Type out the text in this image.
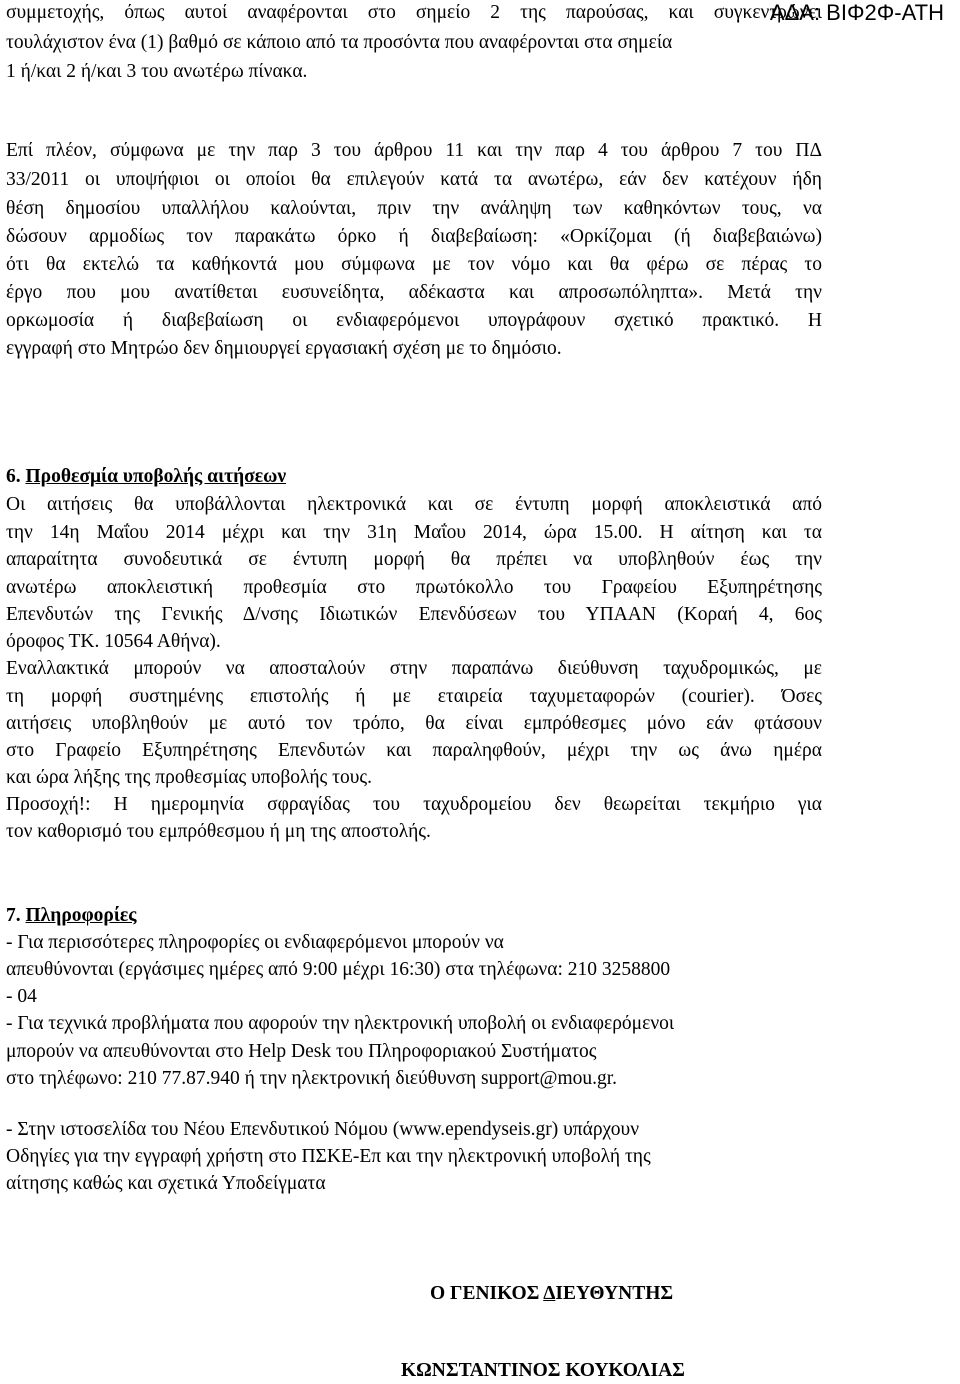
συμμετοχής, όπως αυτοί αναφέρονται στο σημείο 2 της παρούσας, και συγκεντρώνει
τουλάχιστον ένα (1) βαθμό σε κάποιο από τα προσόντα που αναφέρονται στα σημεία
1 ή/και 2 ή/και 3 του ανωτέρω πίνακα.
Επί πλέον, σύμφωνα με την παρ 3 του άρθρου 11 και την παρ 4 του άρθρου 7 του ΠΔ
33/2011 οι υποψήφιοι οι οποίοι θα επιλεγούν κατά τα ανωτέρω, εάν δεν κατέχουν ήδη
θέση δημοσίου υπαλλήλου καλούνται, πριν την ανάληψη των καθηκόντων τους, να
δώσουν αρμοδίως τον παρακάτω όρκο ή διαβεβαίωση: «Ορκίζομαι (ή διαβεβαιώνω)
ότι θα εκτελώ τα καθήκοντά μου σύμφωνα με τον νόμο και θα φέρω σε πέρας το
έργο που μου ανατίθεται ευσυνείδητα, αδέκαστα και απροσωπόληπτα». Μετά την
ορκωμοσία ή διαβεβαίωση οι ενδιαφερόμενοι υπογράφουν σχετικό πρακτικό. Η
εγγραφή στο Μητρώο δεν δημιουργεί εργασιακή σχέση με το δημόσιο.
6. Προθεσμία υποβολής αιτήσεων
Οι αιτήσεις θα υποβάλλονται ηλεκτρονικά και σε έντυπη μορφή αποκλειστικά από
την 14η Μαΐου 2014 μέχρι και την 31η Μαΐου 2014, ώρα 15.00. Η αίτηση και τα
απαραίτητα συνοδευτικά σε έντυπη μορφή θα πρέπει να υποβληθούν έως την
ανωτέρω αποκλειστική προθεσμία στο πρωτόκολλο του Γραφείου Εξυπηρέτησης
Επενδυτών της Γενικής Δ/νσης Ιδιωτικών Επενδύσεων του ΥΠΑΑΝ (Κοραή 4, 6ος
όροφος ΤΚ. 10564 Αθήνα).
Εναλλακτικά μπορούν να αποσταλούν στην παραπάνω διεύθυνση ταχυδρομικώς, με
τη μορφή συστημένης επιστολής ή με εταιρεία ταχυμεταφορών (courier). Όσες
αιτήσεις υποβληθούν με αυτό τον τρόπο, θα είναι εμπρόθεσμες μόνο εάν φτάσουν
στο Γραφείο Εξυπηρέτησης Επενδυτών και παραληφθούν, μέχρι την ως άνω ημέρα
και ώρα λήξης της προθεσμίας υποβολής τους.
Προσοχή!: Η ημερομηνία σφραγίδας του ταχυδρομείου δεν θεωρείται τεκμήριο για
τον καθορισμό του εμπρόθεσμου ή μη της αποστολής.
7. Πληροφορίες
- Για περισσότερες πληροφορίες οι ενδιαφερόμενοι μπορούν να
απευθύνονται (εργάσιμες ημέρες από 9:00 μέχρι 16:30) στα τηλέφωνα: 210 3258800
- 04
- Για τεχνικά προβλήματα που αφορούν την ηλεκτρονική υποβολή οι ενδιαφερόμενοι
μπορούν να απευθύνονται στο Help Desk του Πληροφοριακού Συστήματος
στο τηλέφωνο: 210 77.87.940 ή την ηλεκτρονική διεύθυνση support@mou.gr.
- Στην ιστοσελίδα του Νέου Επενδυτικού Νόμου (www.ependyseis.gr) υπάρχουν
Οδηγίες για την εγγραφή χρήστη στο ΠΣΚΕ-Επ και την ηλεκτρονική υποβολή της
αίτησης καθώς και σχετικά Υποδείγματα
Ο ΓΕΝΙΚΟΣ ΔΙΕΥΘΥΝΤΗΣ
ΚΩΝΣΤΑΝΤΙΝΟΣ ΚΟΥΚΟΛΙΑΣ
ΑΔΑ: ΒΙΦ2Φ-ΑΤΗ
